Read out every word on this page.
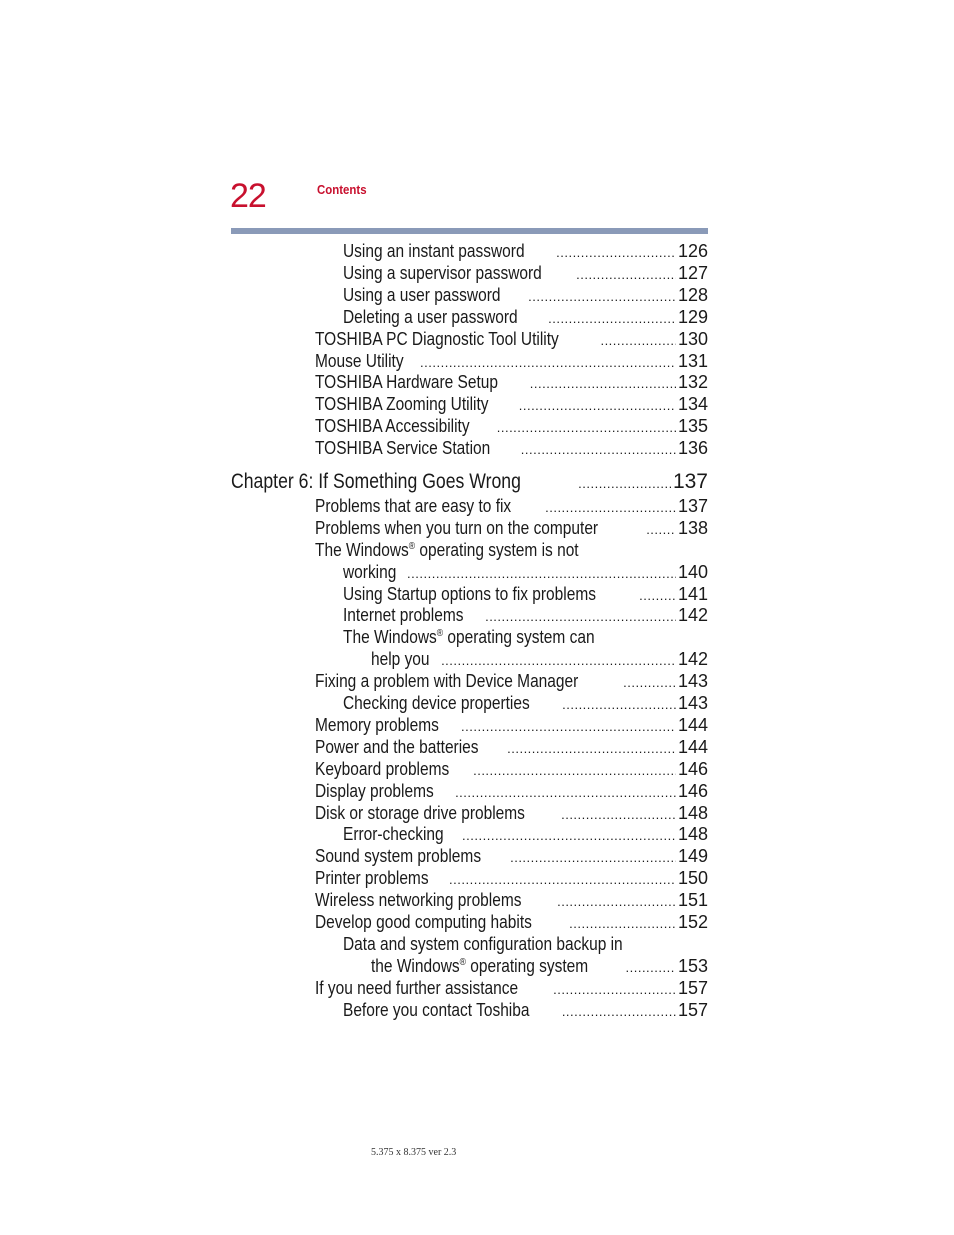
22	Contents
Using an instant password .....	126
Using a supervisor password .....	127
Using a user password .....	128
Deleting a user password .....	129
TOSHIBA PC Diagnostic Tool Utility .....	130
Mouse Utility .....	131
TOSHIBA Hardware Setup .....	132
TOSHIBA Zooming Utility .....	134
TOSHIBA Accessibility .....	135
TOSHIBA Service Station .....	136
Chapter 6: If Something Goes Wrong .....	137
Problems that are easy to fix .....	137
Problems when you turn on the computer .....	138
The Windows® operating system is not
working .....	140
Using Startup options to fix problems .....	141
Internet problems .....	142
The Windows® operating system can
help you .....	142
Fixing a problem with Device Manager .....	143
Checking device properties .....	143
Memory problems .....	144
Power and the batteries .....	144
Keyboard problems .....	146
Display problems .....	146
Disk or storage drive problems .....	148
Error-checking .....	148
Sound system problems .....	149
Printer problems .....	150
Wireless networking problems .....	151
Develop good computing habits .....	152
Data and system configuration backup in
the Windows® operating system .....	153
If you need further assistance .....	157
Before you contact Toshiba .....	157
5.375 x 8.375 ver 2.3
